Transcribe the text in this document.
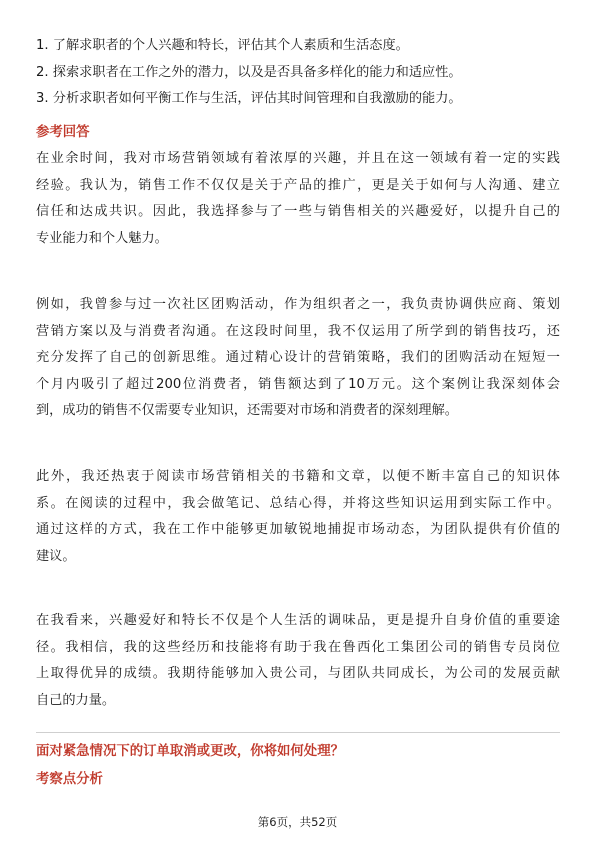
1. 了解求职者的个人兴趣和特长，评估其个人素质和生活态度。
2. 探索求职者在工作之外的潜力，以及是否具备多样化的能力和适应性。
3. 分析求职者如何平衡工作与生活，评估其时间管理和自我激励的能力。
参考回答
在业余时间，我对市场营销领域有着浓厚的兴趣，并且在这一领域有着一定的实践
经验。我认为，销售工作不仅仅是关于产品的推广，更是关于如何与人沟通、建立
信任和达成共识。因此，我选择参与了一些与销售相关的兴趣爱好，以提升自己的
专业能力和个人魅力。
例如，我曾参与过一次社区团购活动，作为组织者之一，我负责协调供应商、策划
营销方案以及与消费者沟通。在这段时间里，我不仅运用了所学到的销售技巧，还
充分发挥了自己的创新思维。通过精心设计的营销策略，我们的团购活动在短短一
个月内吸引了超过200位消费者，销售额达到了10万元。这个案例让我深刻体会
到，成功的销售不仅需要专业知识，还需要对市场和消费者的深刻理解。
此外，我还热衷于阅读市场营销相关的书籍和文章，以便不断丰富自己的知识体
系。在阅读的过程中，我会做笔记、总结心得，并将这些知识运用到实际工作中。
通过这样的方式，我在工作中能够更加敏锐地捕捉市场动态，为团队提供有价值的
建议。
在我看来，兴趣爱好和特长不仅是个人生活的调味品，更是提升自身价值的重要途
径。我相信，我的这些经历和技能将有助于我在鲁西化工集团公司的销售专员岗位
上取得优异的成绩。我期待能够加入贵公司，与团队共同成长，为公司的发展贡献
自己的力量。
面对紧急情况下的订单取消或更改，你将如何处理？
考察点分析
第6页，共52页
